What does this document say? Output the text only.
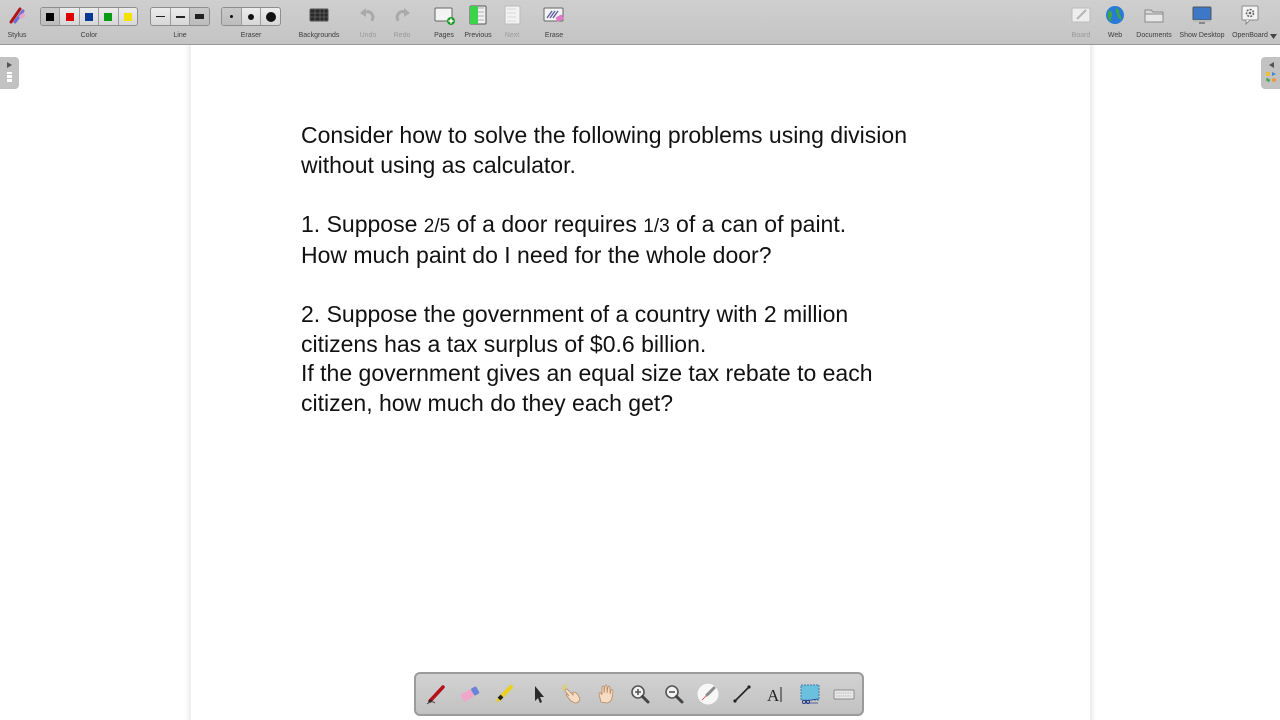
Stylus	Color	Line	Eraser	Backgrounds	Undo	Redo	Pages	Previous	Next	Erase	Board	Web	Documents	Show Desktop OpenBoard

Consider how to solve the following problems using division

without using as calculator.

1. Suppose 2/5 of a door requires 1/3 of a can of paint.

How much paint do I need for the whole door?

2. Suppose the government of a country with 2 million

citizens has a tax surplus of $0.6 billion.

If the government gives an equal size tax rebate to each

citizen, how much do they each get?

A
